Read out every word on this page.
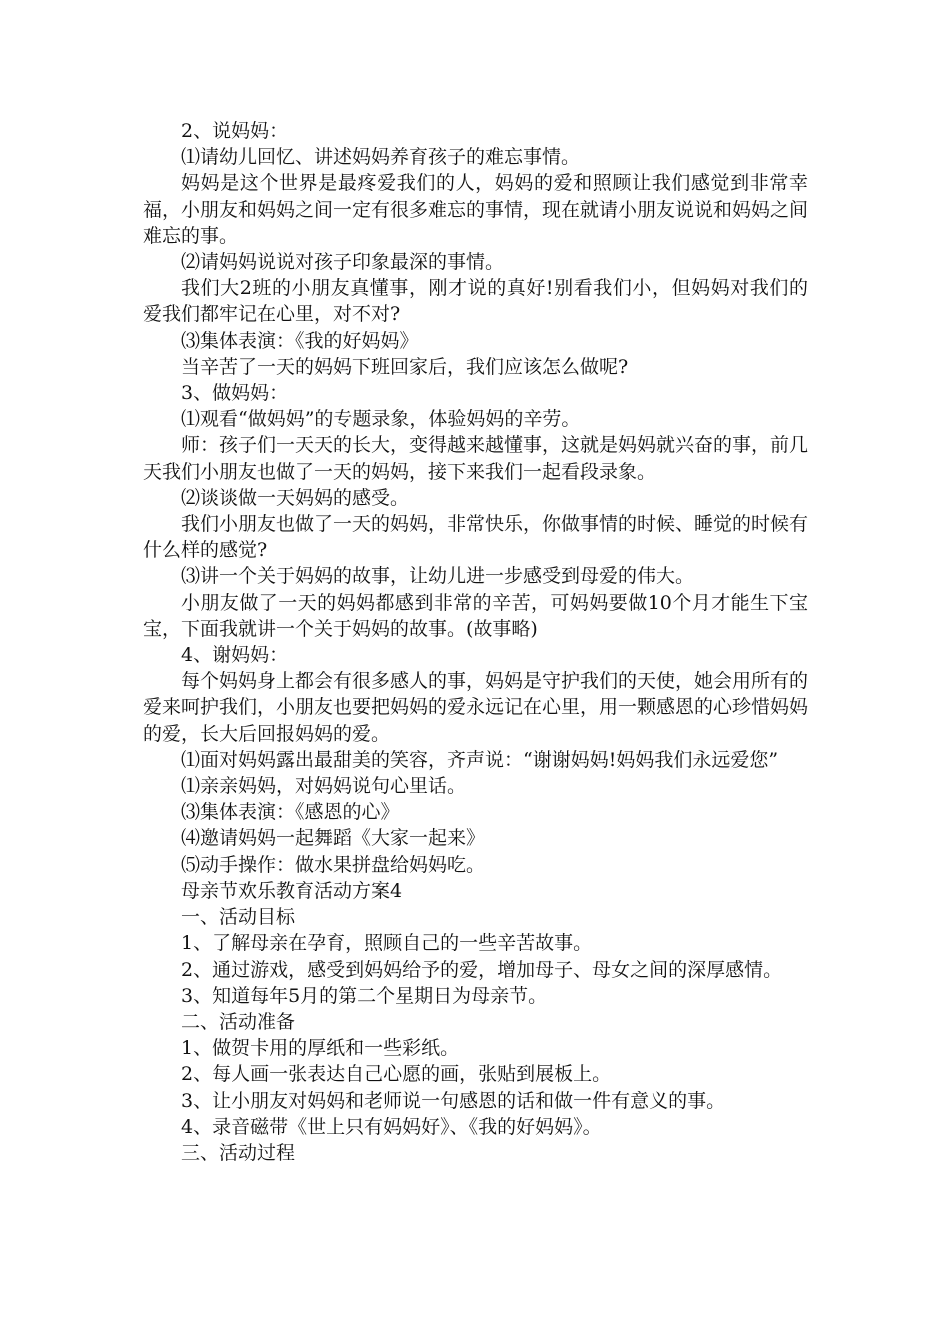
2、说妈妈：

⑴请幼儿回忆、讲述妈妈养育孩子的难忘事情。

妈妈是这个世界是最疼爱我们的人，妈妈的爱和照顾让我们感觉到非常幸福，小朋友和妈妈之间一定有很多难忘的事情，现在就请小朋友说说和妈妈之间难忘的事。

⑵请妈妈说说对孩子印象最深的事情。

我们大2班的小朋友真懂事，刚才说的真好!别看我们小，但妈妈对我们的爱我们都牢记在心里，对不对?

⑶集体表演：《我的好妈妈》

当辛苦了一天的妈妈下班回家后，我们应该怎么做呢?

3、做妈妈：

⑴观看“做妈妈”的专题录象，体验妈妈的辛劳。

师：孩子们一天天的长大，变得越来越懂事，这就是妈妈就兴奋的事，前几天我们小朋友也做了一天的妈妈，接下来我们一起看段录象。

⑵谈谈做一天妈妈的感受。

我们小朋友也做了一天的妈妈，非常快乐，你做事情的时候、睡觉的时候有什么样的感觉?

⑶讲一个关于妈妈的故事，让幼儿进一步感受到母爱的伟大。

小朋友做了一天的妈妈都感到非常的辛苦，可妈妈要做10个月才能生下宝宝，下面我就讲一个关于妈妈的故事。(故事略)

4、谢妈妈：

每个妈妈身上都会有很多感人的事，妈妈是守护我们的天使，她会用所有的爱来呵护我们，小朋友也要把妈妈的爱永远记在心里，用一颗感恩的心珍惜妈妈的爱，长大后回报妈妈的爱。

⑴面对妈妈露出最甜美的笑容，齐声说：“谢谢妈妈!妈妈我们永远爱您”

⑴亲亲妈妈，对妈妈说句心里话。

⑶集体表演：《感恩的心》

⑷邀请妈妈一起舞蹈《大家一起来》

⑸动手操作：做水果拼盘给妈妈吃。

母亲节欢乐教育活动方案4

一、活动目标

1、了解母亲在孕育，照顾自己的一些辛苦故事。

2、通过游戏，感受到妈妈给予的爱，增加母子、母女之间的深厚感情。

3、知道每年5月的第二个星期日为母亲节。

二、活动准备

1、做贺卡用的厚纸和一些彩纸。

2、每人画一张表达自己心愿的画，张贴到展板上。

3、让小朋友对妈妈和老师说一句感恩的话和做一件有意义的事。

4、录音磁带《世上只有妈妈好》、《我的好妈妈》。

三、活动过程
